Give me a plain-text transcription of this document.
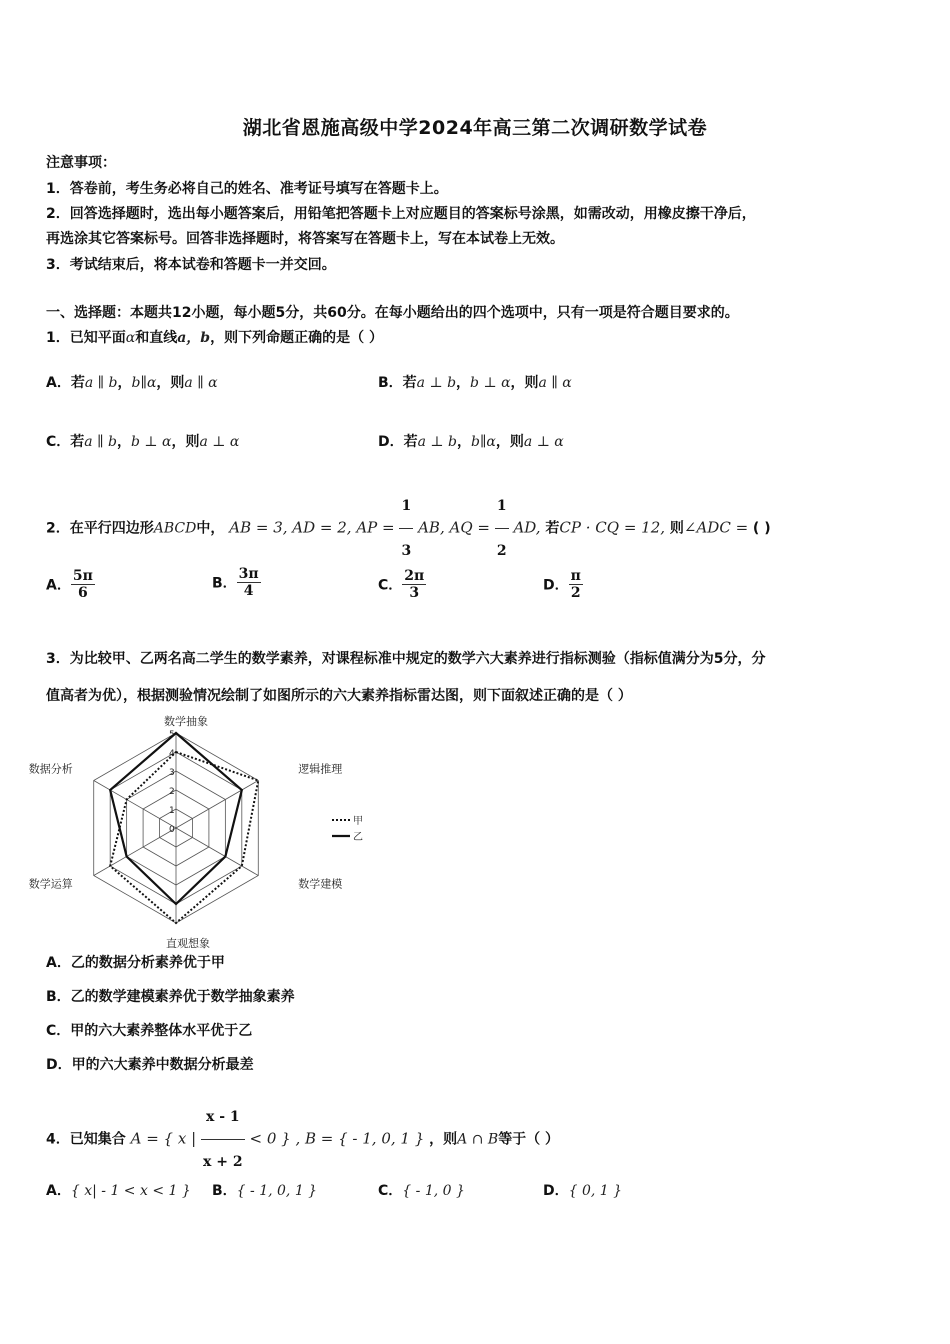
湖北省恩施高级中学2024年高三第二次调研数学试卷
注意事项：
1．答卷前，考生务必将自己的姓名、准考证号填写在答题卡上。
2．回答选择题时，选出每小题答案后，用铅笔把答题卡上对应题目的答案标号涂黑，如需改动，用橡皮擦干净后，
再选涂其它答案标号。回答非选择题时，将答案写在答题卡上，写在本试卷上无效。
3．考试结束后，将本试卷和答题卡一并交回。
一、选择题：本题共12小题，每小题5分，共60分。在每小题给出的四个选项中，只有一项是符合题目要求的。
1．已知平面α和直线a，b，则下列命题正确的是（ ）
A．若a ∥ b，b∥α，则a ∥ α	B．若a ⊥ b，b ⊥ α，则a ∥ α
C．若a ∥ b，b ⊥ α，则a ⊥ α	D．若a ⊥ b，b∥α，则a ⊥ α
2．在平行四边形ABCD中， AB = 3, AD = 2, AP = $\frac{1}{3}$ AB, AQ = $\frac{1}{2}$ AD, 若CP · CQ = 12, 则∠ADC = ( )
A． $\frac{5\pi}{6}$	B． $\frac{3\pi}{4}$	C． $\frac{2\pi}{3}$	D． $\frac{\pi}{2}$
3．为比较甲、乙两名高二学生的数学素养，对课程标准中规定的数学六大素养进行指标测验（指标值满分为5分，分
值高者为优），根据测验情况绘制了如图所示的六大素养指标雷达图，则下面叙述正确的是（ ）
0
1
2
3
4
5
数学抽象
逻辑推理
数学建模
直观想象
数学运算
数据分析
甲
乙
A．乙的数据分析素养优于甲
B．乙的数学建模素养优于数学抽象素养
C．甲的六大素养整体水平优于乙
D．甲的六大素养中数据分析最差
4．已知集合 A = { x | $\frac{x - 1}{x + 2} < 0$ } , B = { - 1, 0, 1 } ，则A ∩ B等于（ ）
A．{ x| - 1 < x < 1 } B．{ - 1, 0, 1 }	C．{ - 1, 0 }	D．{ 0, 1 }
